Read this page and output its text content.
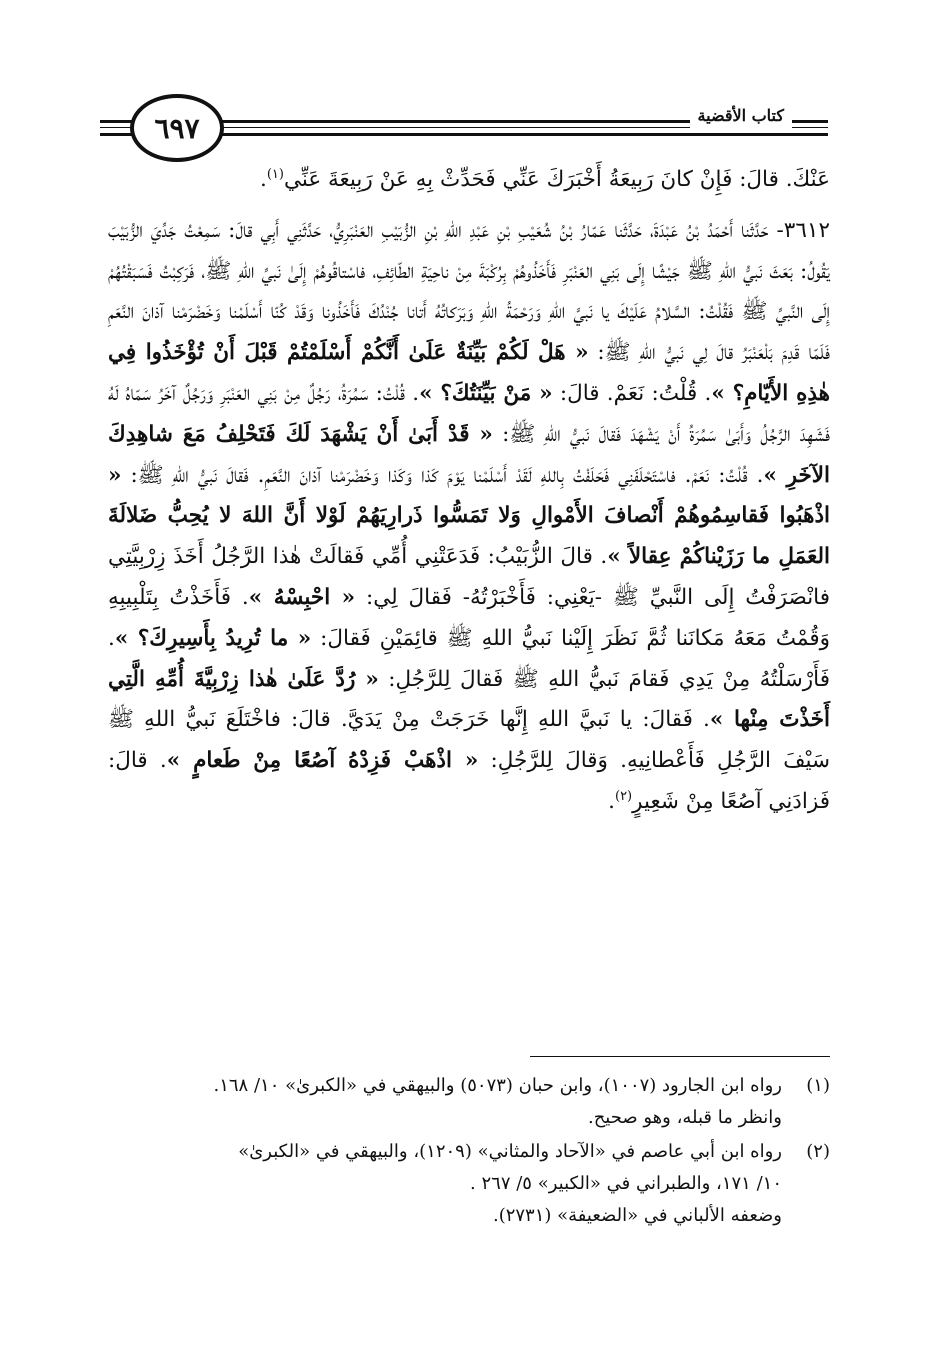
٦٩٧	كتاب الأقضية

عَنْكَ. قالَ: فَإِنْ كانَ رَبِيعَةُ أَخْبَرَكَ عَنِّي فَحَدِّثْ بِهِ عَنْ رَبِيعَةَ عَنِّي$^{(١)}$.

٣٦١٢- حَدَّثَنا أَحْمَدُ بْنُ عَبْدَةَ، حَدَّثَنا عَمّارُ بْنُ شُعَيْبِ بْنِ عَبْدِ اللهِ بْنِ الزُّبَيْبِ العَنْبَرِيُّ، حَدَّثَنِي أَبِي قالَ: سَمِعْتُ جَدِّيَ الزُّبَيْبَ يَقُولُ: بَعَثَ نَبيُّ اللهِ ﷺ جَيْشًا إِلَى بَنِي العَنْبَرِ فَأَخَذُوهُمْ بِرُكْبَةَ مِنْ ناحِيَةِ الطّائِفِ، فاسْتاقُوهُمْ إِلَىٰ نَبيِّ اللهِ ﷺ، فَرَكِبْتُ فَسَبَقْتُهُمْ إِلَى النَّبيِّ ﷺ فَقُلْتُ: السَّلامُ عَلَيْكَ يا نَبيَّ اللهِ وَرَحْمَةُ اللهِ وَبَرَكاتُهُ أَتانا جُنْدُكَ فَأَخَذُونا وَقَدْ كُنّا أَسْلَمْنا وَخَضْرَمْنا آذانَ النَّعَمِ فَلَمّا قَدِمَ بَلْعَنْبَرُ قالَ لِي نَبيُّ اللهِ ﷺ: « هَلْ لَكُمْ بَيِّنَةٌ عَلَىٰ أَنَّكُمْ أَسْلَمْتُمْ قَبْلَ أَنْ تُؤْخَذُوا فِي هٰذِهِ الأَيّامِ؟ ». قُلْتُ: نَعَمْ. قالَ: « مَنْ بَيِّنَتُكَ؟ ». قُلْتُ: سَمُرَةُ، رَجُلٌ مِنْ بَنِي العَنْبَرِ وَرَجُلٌ آخَرُ سَمّاهُ لَهُ فَشَهِدَ الرَّجُلُ وَأَبَىٰ سَمُرَةُ أَنْ يَشْهَدَ فَقالَ نَبيُّ اللهِ ﷺ: « قَدْ أَبَىٰ أَنْ يَشْهَدَ لَكَ فَتَحْلِفُ مَعَ شاهِدِكَ الآخَرِ ». قُلْتُ: نَعَمْ. فاسْتَحْلَفَنِي فَحَلَفْتُ بِاللهِ لَقَدْ أَسْلَمْنا يَوْمَ كَذا وَكَذا وَخَضْرَمْنا آذانَ النَّعَمِ. فَقالَ نَبيُّ اللهِ ﷺ: « اذْهَبُوا فَقاسِمُوهُمْ أَنْصافَ الأَمْوالِ وَلا تَمَسُّوا ذَرارِيَهُمْ لَوْلا أَنَّ اللهَ لا يُحِبُّ ضَلالَةَ العَمَلِ ما رَزَيْناكُمْ عِقالاً ». قالَ الزُّبَيْبُ: فَدَعَتْنِي أُمِّي فَقالَتْ هٰذا الرَّجُلُ أَخَذَ زِرْبِيَّتِي فانْصَرَفْتُ إِلَى النَّبيِّ ﷺ -يَعْنِي: فَأَخْبَرْتُهُ- فَقالَ لِي: « احْبِسْهُ ». فَأَخَذْتُ بِتَلْبِيبِهِ وَقُمْتُ مَعَهُ مَكانَنا ثُمَّ نَظَرَ إِلَيْنا نَبيُّ اللهِ ﷺ قائِمَيْنِ فَقالَ: « ما تُرِيدُ بِأَسِيرِكَ؟ ». فَأَرْسَلْتُهُ مِنْ يَدِي فَقامَ نَبيُّ اللهِ ﷺ فَقالَ لِلرَّجُلِ: « رُدَّ عَلَىٰ هٰذا زِرْبِيَّةَ أُمِّهِ الَّتِي أَخَذْتَ مِنْها ». فَقالَ: يا نَبيَّ اللهِ إِنَّها خَرَجَتْ مِنْ يَدَيَّ. قالَ: فاخْتَلَعَ نَبيُّ اللهِ ﷺ سَيْفَ الرَّجُلِ فَأَعْطانِيهِ. وَقالَ لِلرَّجُلِ: « اذْهَبْ فَزِدْهُ آصُعًا مِنْ طَعامٍ ». قالَ: فَزادَنِي آصُعًا مِنْ شَعِيرٍ$^{(٢)}$.

(١)
رواه ابن الجارود (١٠٠٧)، وابن حبان (٥٠٧٣) والبيهقي في «الكبرىٰ» ١٠/ ١٦٨.
وانظر ما قبله، وهو صحيح.
(٢)
رواه ابن أبي عاصم في «الآحاد والمثاني» (١٢٠٩)، والبيهقي في «الكبرىٰ»
١٠/ ١٧١، والطبراني في «الكبير» ٥/ ٢٦٧ .
وضعفه الألباني في «الضعيفة» (٢٧٣١).
